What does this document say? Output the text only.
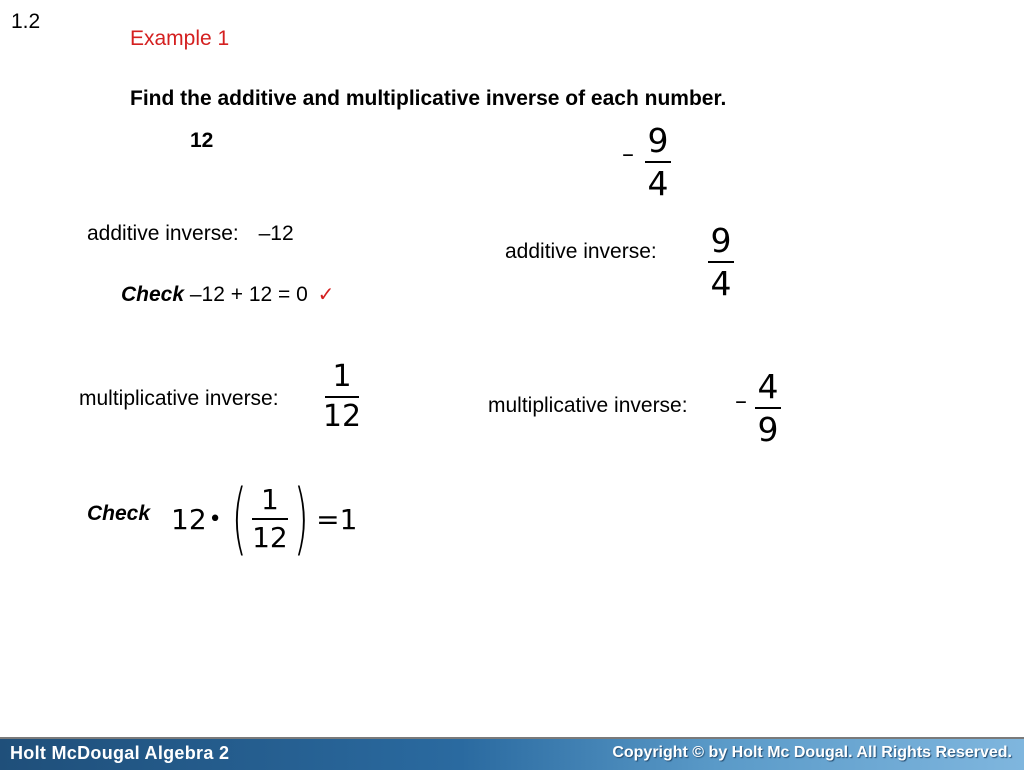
1.2
Example 1
Find the additive and multiplicative inverse of each number.
12
additive inverse: –12
Check –12 + 12 = 0 ✓
multiplicative inverse:
1
12
Check 12 • ( $\frac{1}{12}$ ) =1
– 9
4
additive inverse: 9
4
multiplicative inverse: – 4
9
Holt McDougal Algebra 2	Copyright © by Holt Mc Dougal. All Rights Reserved.
